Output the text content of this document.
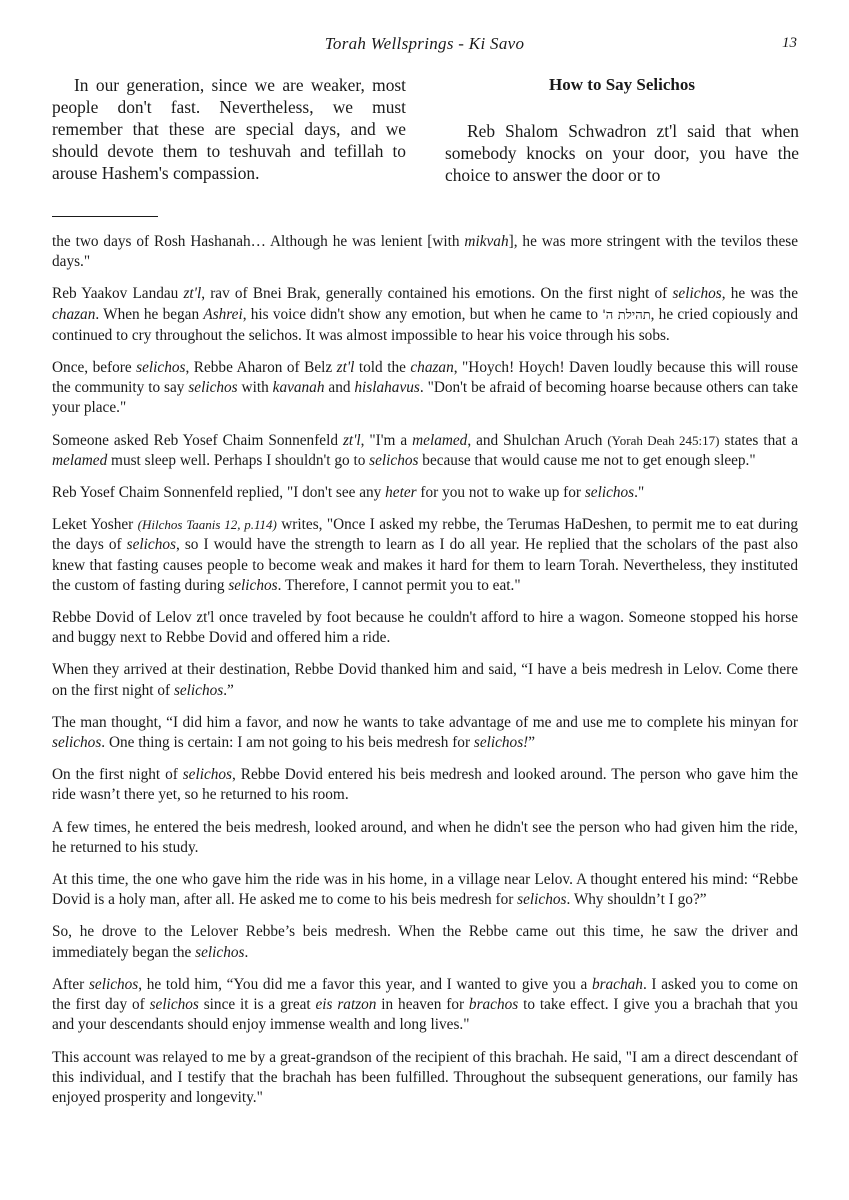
Torah Wellsprings - Ki Savo	13

In our generation, since we are weaker, most people don't fast. Nevertheless, we must remember that these are special days, and we should devote them to teshuvah and tefillah to arouse Hashem's compassion.

How to Say Selichos

Reb Shalom Schwadron zt'l said that when somebody knocks on your door, you have the choice to answer the door or to

the two days of Rosh Hashanah… Although he was lenient [with mikvah], he was more stringent with the tevilos these days."

Reb Yaakov Landau zt'l, rav of Bnei Brak, generally contained his emotions. On the first night of selichos, he was the chazan. When he began Ashrei, his voice didn't show any emotion, but when he came to תהילת ה', he cried copiously and continued to cry throughout the selichos. It was almost impossible to hear his voice through his sobs.

Once, before selichos, Rebbe Aharon of Belz zt'l told the chazan, "Hoych! Hoych! Daven loudly because this will rouse the community to say selichos with kavanah and hislahavus. "Don't be afraid of becoming hoarse because others can take your place."

Someone asked Reb Yosef Chaim Sonnenfeld zt'l, "I'm a melamed, and Shulchan Aruch (Yorah Deah 245:17) states that a melamed must sleep well. Perhaps I shouldn't go to selichos because that would cause me not to get enough sleep."

Reb Yosef Chaim Sonnenfeld replied, "I don't see any heter for you not to wake up for selichos."

Leket Yosher (Hilchos Taanis 12, p.114) writes, "Once I asked my rebbe, the Terumas HaDeshen, to permit me to eat during the days of selichos, so I would have the strength to learn as I do all year. He replied that the scholars of the past also knew that fasting causes people to become weak and makes it hard for them to learn Torah. Nevertheless, they instituted the custom of fasting during selichos. Therefore, I cannot permit you to eat."

Rebbe Dovid of Lelov zt'l once traveled by foot because he couldn't afford to hire a wagon. Someone stopped his horse and buggy next to Rebbe Dovid and offered him a ride.

When they arrived at their destination, Rebbe Dovid thanked him and said, “I have a beis medresh in Lelov. Come there on the first night of selichos.”

The man thought, “I did him a favor, and now he wants to take advantage of me and use me to complete his minyan for selichos. One thing is certain: I am not going to his beis medresh for selichos!”

On the first night of selichos, Rebbe Dovid entered his beis medresh and looked around. The person who gave him the ride wasn’t there yet, so he returned to his room.

A few times, he entered the beis medresh, looked around, and when he didn't see the person who had given him the ride, he returned to his study.

At this time, the one who gave him the ride was in his home, in a village near Lelov. A thought entered his mind: “Rebbe Dovid is a holy man, after all. He asked me to come to his beis medresh for selichos. Why shouldn’t I go?”

So, he drove to the Lelover Rebbe’s beis medresh. When the Rebbe came out this time, he saw the driver and immediately began the selichos.

After selichos, he told him, “You did me a favor this year, and I wanted to give you a brachah. I asked you to come on the first day of selichos since it is a great eis ratzon in heaven for brachos to take effect. I give you a brachah that you and your descendants should enjoy immense wealth and long lives."

This account was relayed to me by a great-grandson of the recipient of this brachah. He said, "I am a direct descendant of this individual, and I testify that the brachah has been fulfilled. Throughout the subsequent generations, our family has enjoyed prosperity and longevity."
